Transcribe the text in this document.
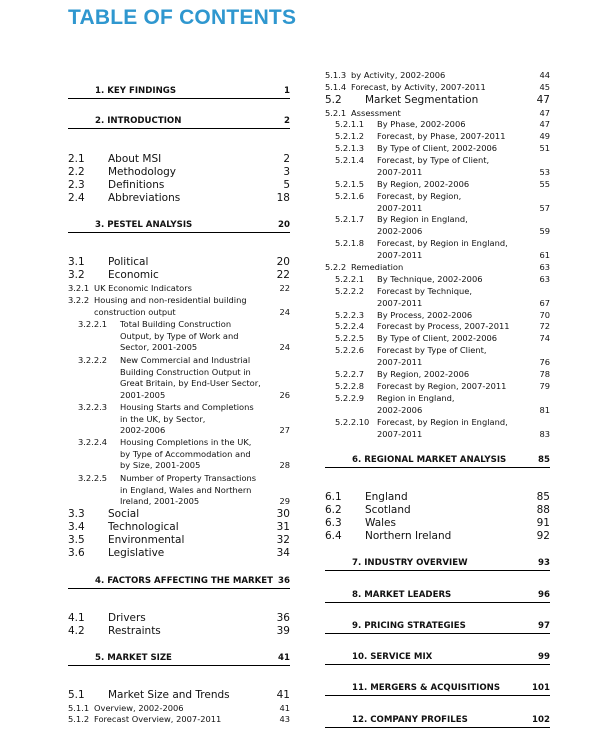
TABLE OF CONTENTS
1. KEY FINDINGS	1
2. INTRODUCTION	2
2.1 About MSI	2
2.2 Methodology	3
2.3 Definitions	5
2.4 Abbreviations	18
3. PESTEL ANALYSIS	20
3.1 Political	20
3.2 Economic	22
3.2.1 UK Economic Indicators	22
3.2.2 Housing and non-residential building
construction output	24
3.2.2.1 Total Building Construction
Output, by Type of Work and
Sector, 2001-2005	24
3.2.2.2 New Commercial and Industrial
Building Construction Output in
Great Britain, by End-User Sector,
2001-2005	26
3.2.2.3 Housing Starts and Completions
in the UK, by Sector,
2002-2006	27
3.2.2.4 Housing Completions in the UK,
by Type of Accommodation and
by Size, 2001-2005	28
3.2.2.5 Number of Property Transactions
in England, Wales and Northern
Ireland, 2001-2005	29
3.3 Social	30
3.4 Technological	31
3.5 Environmental	32
3.6 Legislative	34
4. FACTORS AFFECTING THE MARKET 36
4.1 Drivers	36
4.2 Restraints	39
5. MARKET SIZE	41
5.1 Market Size and Trends	41
5.1.1 Overview, 2002-2006	41
5.1.2 Forecast Overview, 2007-2011	43
5.1.3 by Activity, 2002-2006	44
5.1.4 Forecast, by Activity, 2007-2011	45
5.2 Market Segmentation	47
5.2.1 Assessment	47
5.2.1.1 By Phase, 2002-2006	47
5.2.1.2 Forecast, by Phase, 2007-2011	49
5.2.1.3 By Type of Client, 2002-2006	51
5.2.1.4 Forecast, by Type of Client,
2007-2011	53
5.2.1.5 By Region, 2002-2006	55
5.2.1.6 Forecast, by Region,
2007-2011	57
5.2.1.7 By Region in England,
2002-2006	59
5.2.1.8 Forecast, by Region in England,
2007-2011	61
5.2.2 Remediation	63
5.2.2.1 By Technique, 2002-2006	63
5.2.2.2 Forecast by Technique,
2007-2011	67
5.2.2.3 By Process, 2002-2006	70
5.2.2.4 Forecast by Process, 2007-2011	72
5.2.2.5 By Type of Client, 2002-2006	74
5.2.2.6 Forecast by Type of Client,
2007-2011	76
5.2.2.7 By Region, 2002-2006	78
5.2.2.8 Forecast by Region, 2007-2011	79
5.2.2.9 Region in England,
2002-2006	81
5.2.2.10 Forecast, by Region in England,
2007-2011	83
6. REGIONAL MARKET ANALYSIS	85
6.1 England	85
6.2 Scotland	88
6.3 Wales	91
6.4 Northern Ireland	92
7. INDUSTRY OVERVIEW	93
8. MARKET LEADERS	96
9. PRICING STRATEGIES	97
10. SERVICE MIX	99
11. MERGERS & ACQUISITIONS	101
12. COMPANY PROFILES	102
